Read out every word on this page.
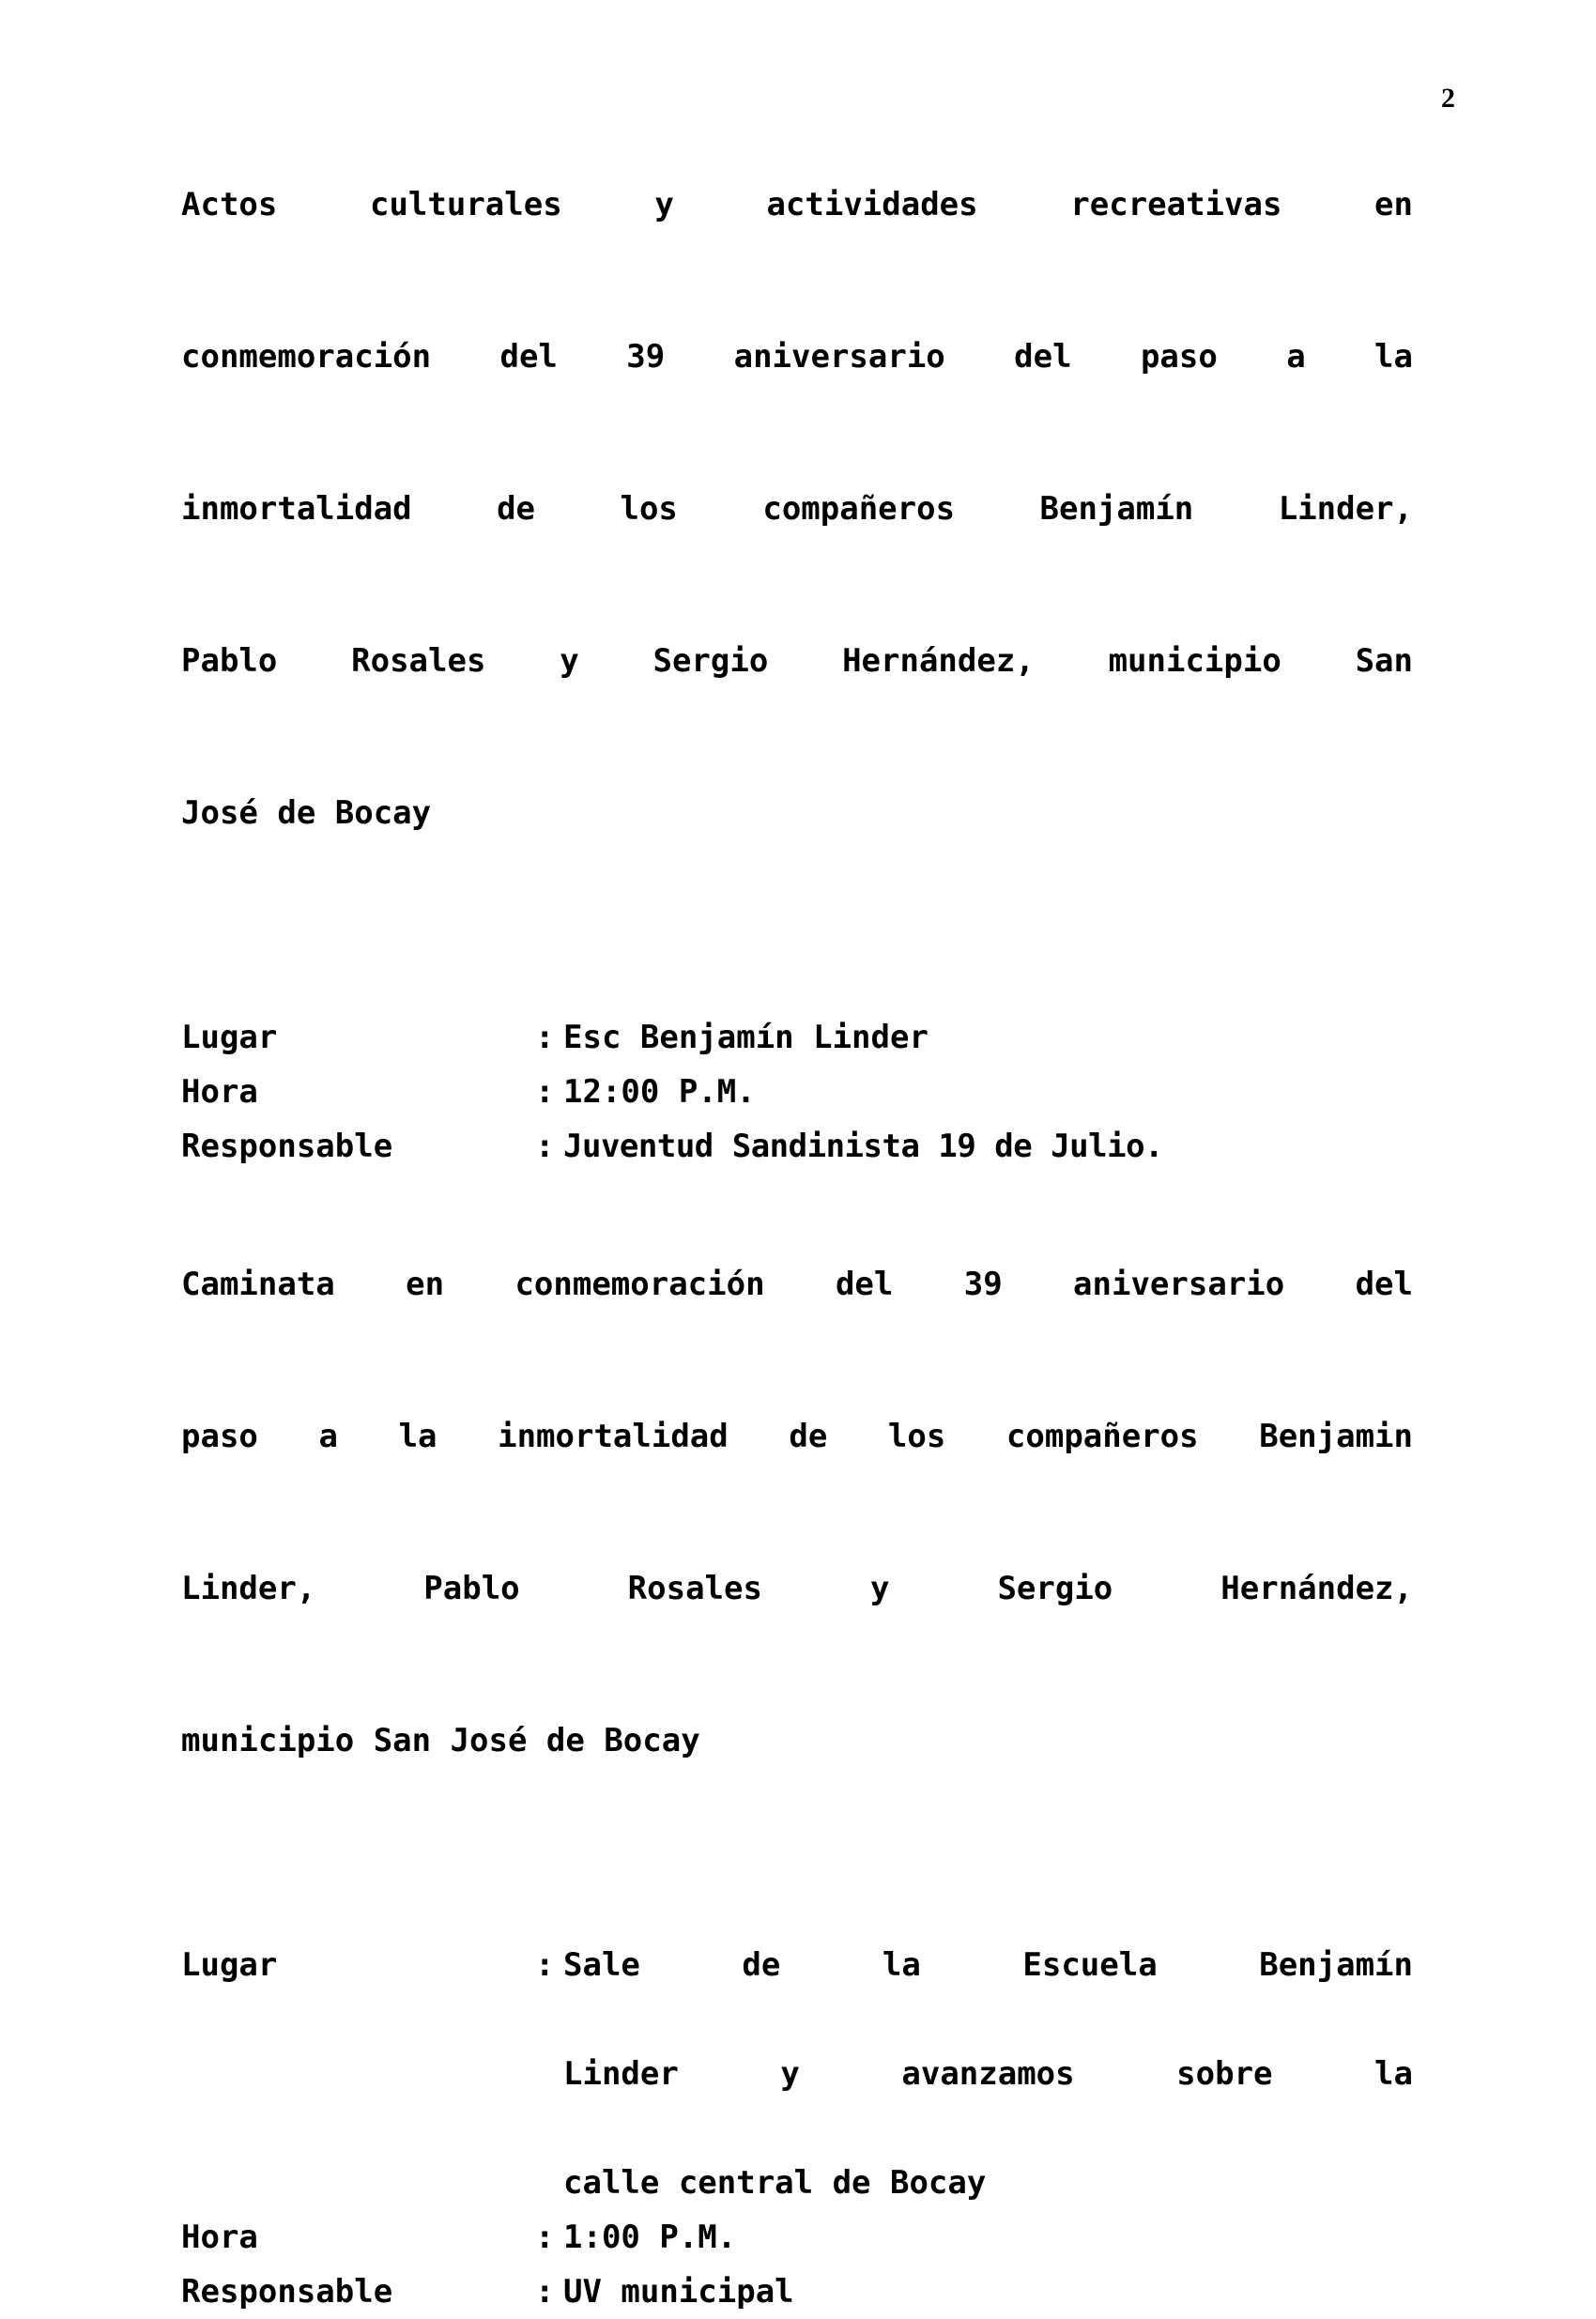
2
Actos culturales y actividades recreativas en
conmemoración del 39 aniversario del paso a la
inmortalidad de los compañeros Benjamín Linder,
Pablo Rosales y Sergio Hernández, municipio San
José de Bocay
Lugar	: Esc Benjamín Linder
Hora	: 12:00 P.M.
Responsable	: Juventud Sandinista 19 de Julio.
Caminata en conmemoración del 39 aniversario del
paso a la inmortalidad de los compañeros Benjamin
Linder, Pablo Rosales y Sergio Hernández,
municipio San José de Bocay
Lugar	: Sale de la Escuela Benjamín
Linder y avanzamos sobre la
calle central de Bocay
Hora	: 1:00 P.M.
Responsable	: UV municipal
